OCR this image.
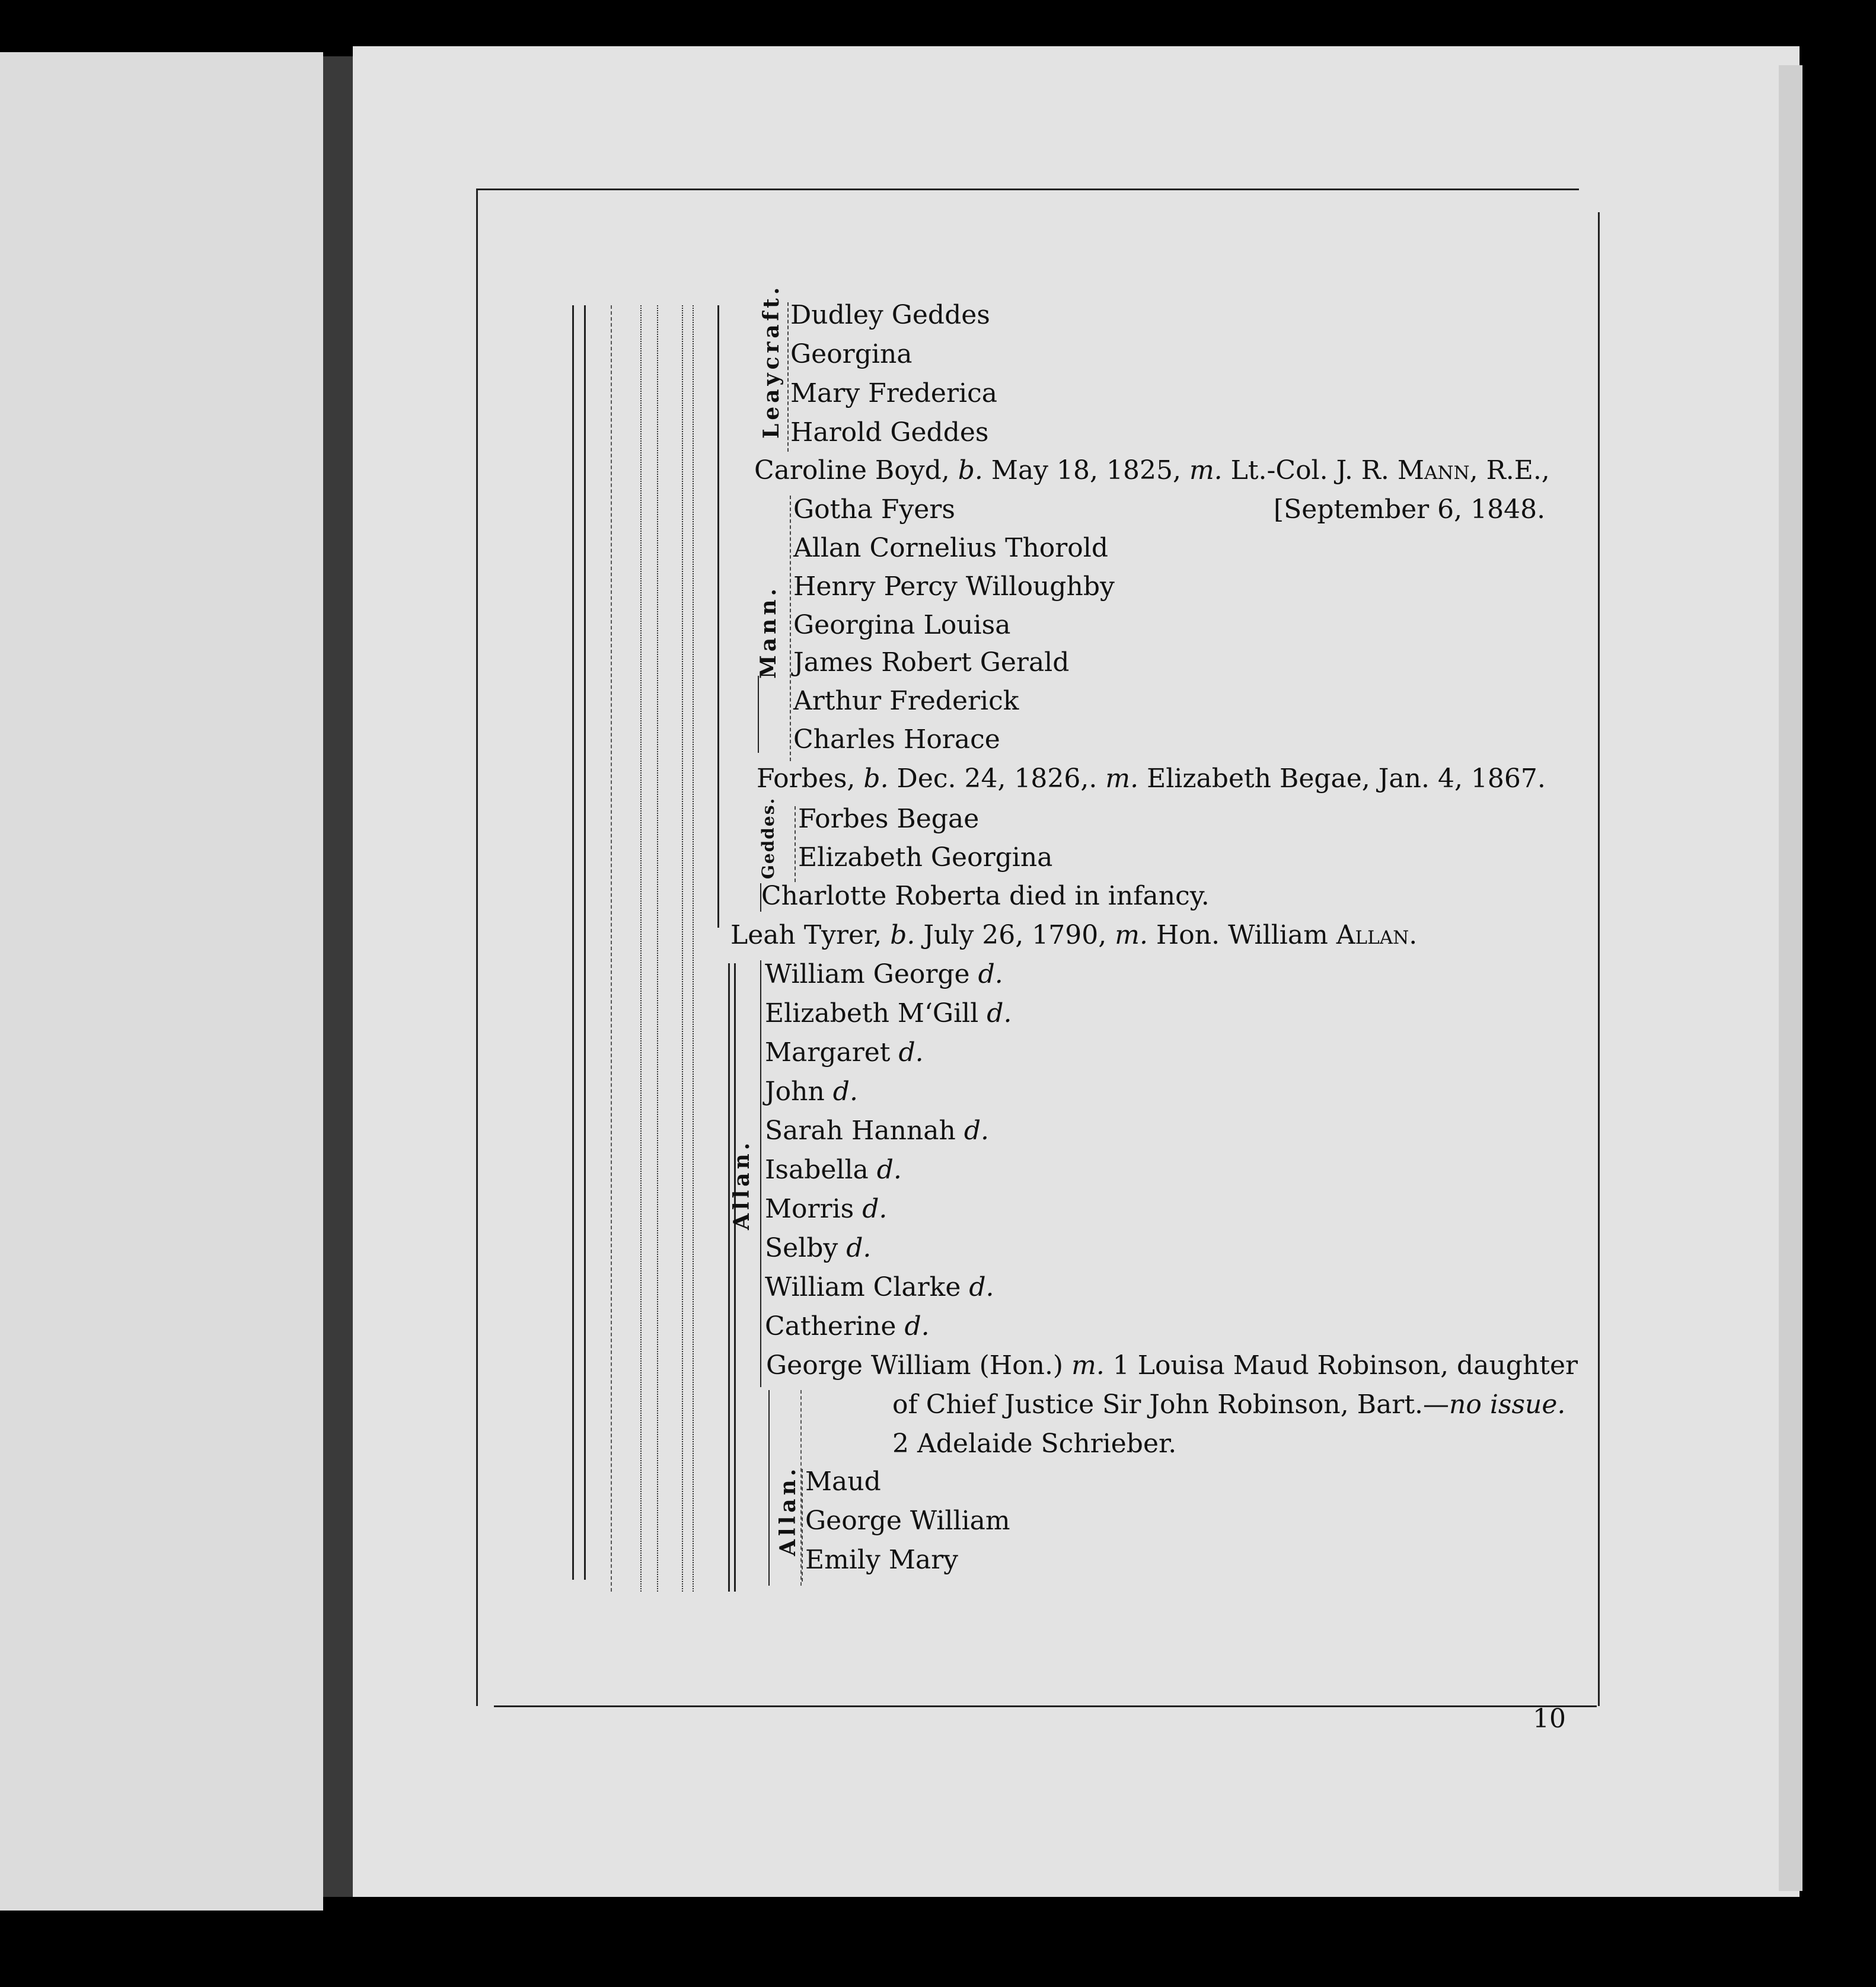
Leaycraft. Dudley Geddes
Georgina
Mary Frederica
Harold Geddes
Caroline Boyd, b. May 18, 1825, m. Lt.-Col. J. R. Mann, R.E.,
[September 6, 1848.
Mann.
Gotha Fyers
Allan Cornelius Thorold
Henry Percy Willoughby
Georgina Louisa
James Robert Gerald
Arthur Frederick
Charles Horace
Forbes, b. Dec. 24, 1826,. m. Elizabeth Begae, Jan. 4, 1867.
Geddes. Forbes Begae
Elizabeth Georgina
Charlotte Roberta died in infancy.
Leah Tyrer, b. July 26, 1790, m. Hon. William Allan.
Allan.
William George d.
Elizabeth M‘Gill d.
Margaret d.
John d.
Sarah Hannah d.
Isabella d.
Morris d.
Selby d.
William Clarke d.
Catherine d.
George William (Hon.) m. 1 Louisa Maud Robinson, daughter
of Chief Justice Sir John Robinson, Bart.—no issue.
2 Adelaide Schrieber.
Allan. Maud
George William
Emily Mary
10
